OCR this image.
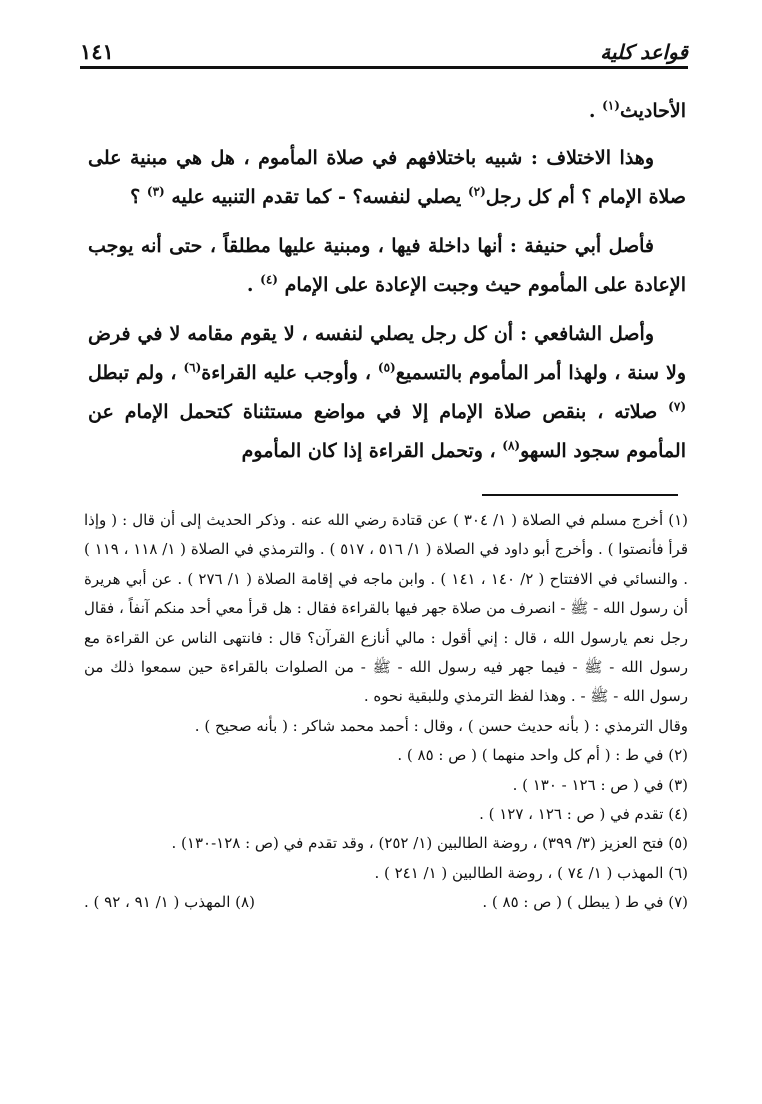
قواعد كلية
١٤١

الأحاديث$^{(١)}$ .

وهذا الاختلاف : شبيه باختلافهم في صلاة المأموم ، هل هي مبنية على صلاة الإمام ؟ أم كل رجل$^{(٢)}$ يصلي لنفسه؟ - كما تقدم التنبيه عليه $^{(٣)}$ ؟

فأصل أبي حنيفة : أنها داخلة فيها ، ومبنية عليها مطلقاً ، حتى أنه يوجب الإعادة على المأموم حيث وجبت الإعادة على الإمام $^{(٤)}$ .

وأصل الشافعي : أن كل رجل يصلي لنفسه ، لا يقوم مقامه لا في فرض ولا سنة ، ولهذا أمر المأموم بالتسميع$^{(٥)}$ ، وأوجب عليه القراءة$^{(٦)}$ ، ولم تبطل $^{(٧)}$ صلاته ، بنقص صلاة الإمام إلا في مواضع مستثناة كتحمل الإمام عن المأموم سجود السهو$^{(٨)}$ ، وتحمل القراءة إذا كان المأموم

(١) أخرج مسلم في الصلاة ( ١/ ٣٠٤ ) عن قتادة رضي الله عنه . وذكر الحديث إلى أن قال : ( وإذا قرأ فأنصتوا ) . وأخرج أبو داود في الصلاة ( ١/ ٥١٦ ، ٥١٧ ) . والترمذي في الصلاة ( ١/ ١١٨ ، ١١٩ ) . والنسائي في الافتتاح ( ٢/ ١٤٠ ، ١٤١ ) . وابن ماجه في إقامة الصلاة ( ١/ ٢٧٦ ) . عن أبي هريرة أن رسول الله - ﷺ - انصرف من صلاة جهر فيها بالقراءة فقال : هل قرأ معي أحد منكم آنفاً ، فقال رجل نعم يارسول الله ، قال : إني أقول : مالي أنازع القرآن؟ قال : فانتهى الناس عن القراءة مع رسول الله - ﷺ - فيما جهر فيه رسول الله - ﷺ - من الصلوات بالقراءة حين سمعوا ذلك من رسول الله - ﷺ - . وهذا لفظ الترمذي وللبقية نحوه .
وقال الترمذي : ( بأنه حديث حسن ) ، وقال : أحمد محمد شاكر : ( بأنه صحيح ) .

(٢) في ط : ( أم كل واحد منهما ) ( ص : ٨٥ ) .

(٣) في ( ص : ١٢٦ - ١٣٠ ) .

(٤) تقدم في ( ص : ١٢٦ ، ١٢٧ ) .

(٥) فتح العزيز (٣/ ٣٩٩) ، روضة الطالبين (١/ ٢٥٢) ، وقد تقدم في (ص : ١٢٨-١٣٠) .

(٦) المهذب ( ١/ ٧٤ ) ، روضة الطالبين ( ١/ ٢٤١ ) .

(٧) في ط ( يبطل ) ( ص : ٨٥ ) .

(٨) المهذب ( ١/ ٩١ ، ٩٢ ) .
